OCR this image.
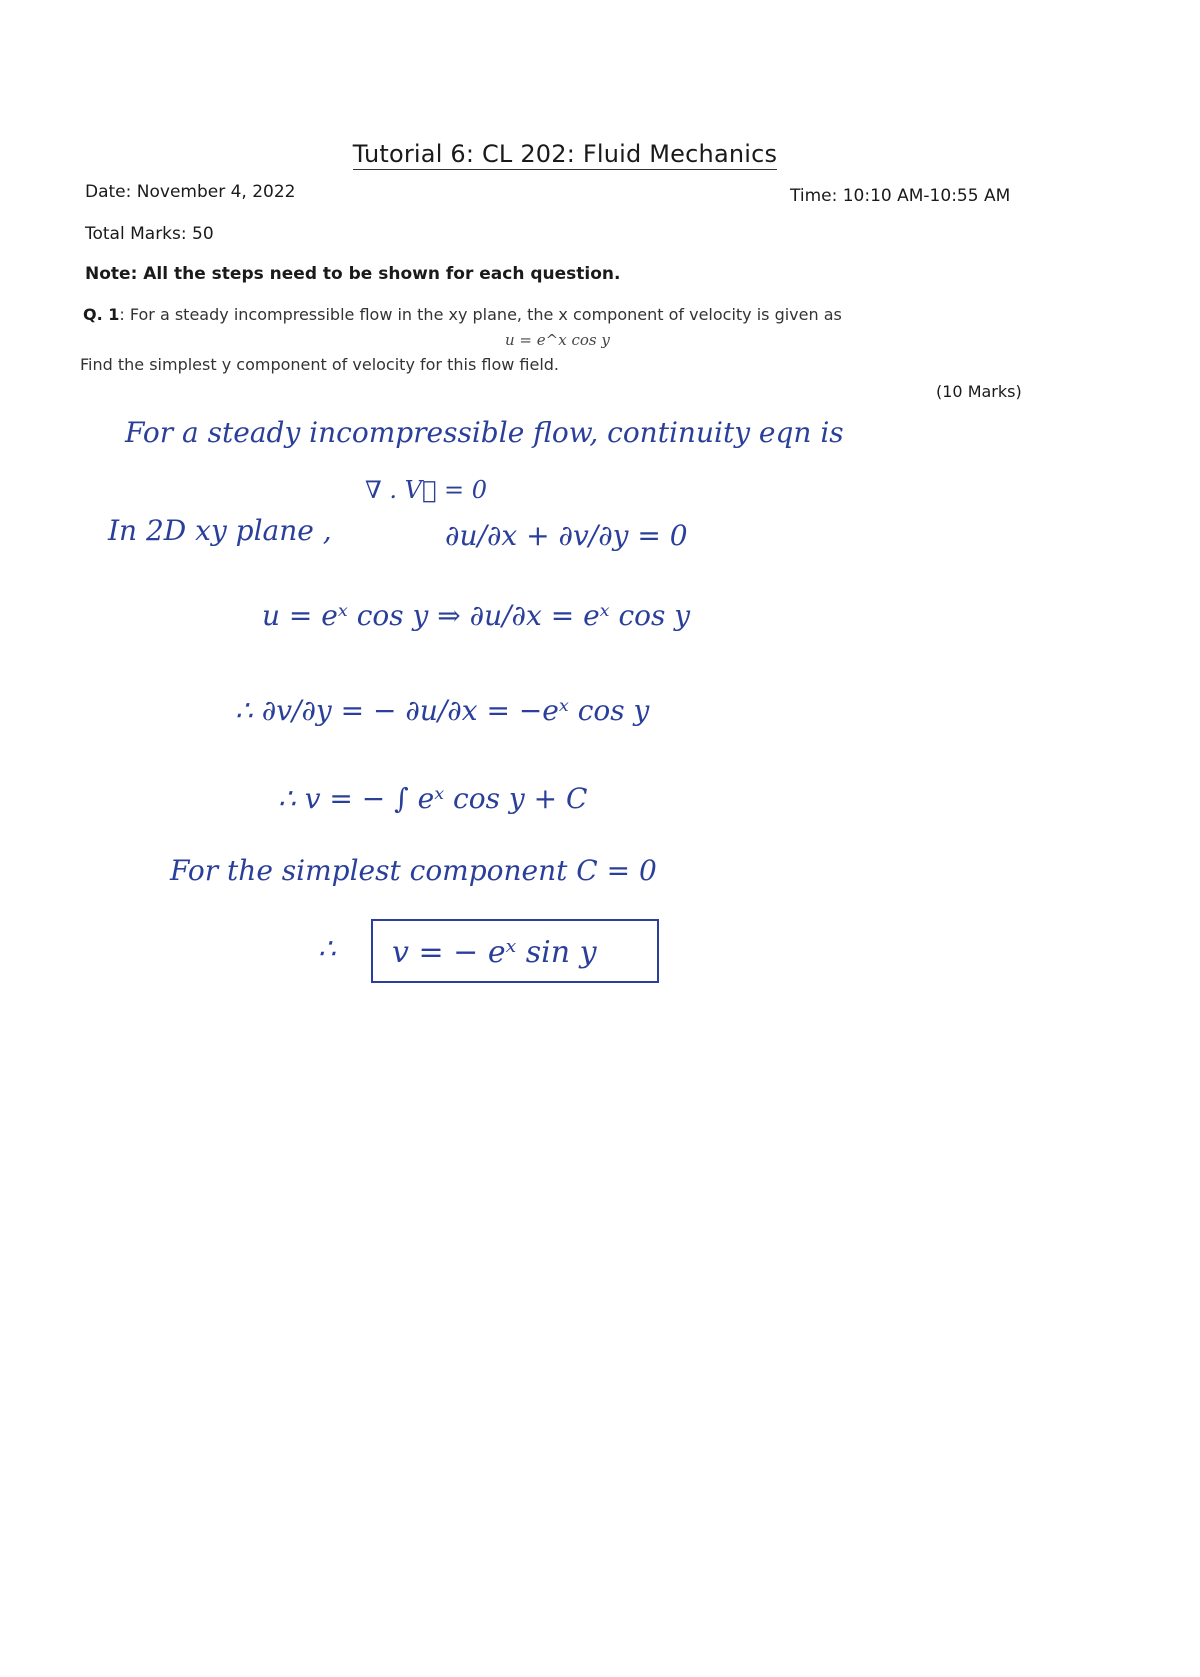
Tutorial 6: CL 202: Fluid Mechanics
Date: November 4, 2022	Time: 10:10 AM-10:55 AM
Total Marks: 50
Note: All the steps need to be shown for each question.
Q. 1: For a steady incompressible flow in the xy plane, the x component of velocity is given as
u = e^x cos y
Find the simplest y component of velocity for this flow field.
(10 Marks)
For a steady incompressible flow, continuity eqn is
∇ . V⃗ = 0
In 2D xy plane ,	∂u/∂x + ∂v/∂y = 0
u = eˣ cos y ⇒ ∂u/∂x = eˣ cos y
∴ ∂v/∂y = − ∂u/∂x = −eˣ cos y
∴ v = − ∫ eˣ cos y + C
For the simplest component C = 0
∴ v = − eˣ sin y
